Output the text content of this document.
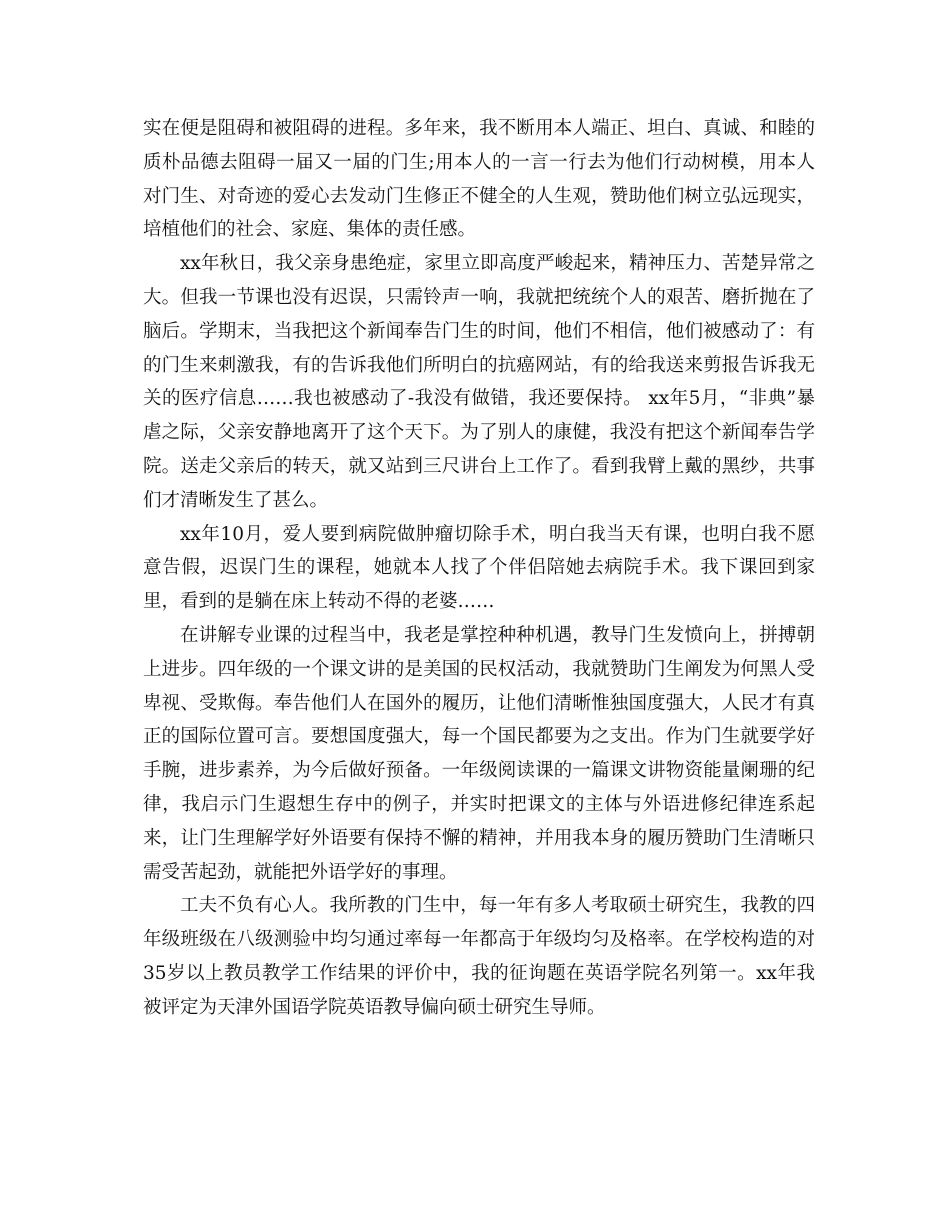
实在便是阻碍和被阻碍的进程。多年来，我不断用本人端正、坦白、真诚、和睦的质朴品德去阻碍一届又一届的门生;用本人的一言一行去为他们行动树模，用本人对门生、对奇迹的爱心去发动门生修正不健全的人生观，赞助他们树立弘远现实，培植他们的社会、家庭、集体的责任感。

xx年秋日，我父亲身患绝症，家里立即高度严峻起来，精神压力、苦楚异常之大。但我一节课也没有迟误，只需铃声一响，我就把统统个人的艰苦、磨折抛在了脑后。学期末，当我把这个新闻奉告门生的时间，他们不相信，他们被感动了：有的门生来刺激我，有的告诉我他们所明白的抗癌网站，有的给我送来剪报告诉我无关的医疗信息……我也被感动了-我没有做错，我还要保持。 xx年5月，“非典”暴虐之际，父亲安静地离开了这个天下。为了别人的康健，我没有把这个新闻奉告学院。送走父亲后的转天，就又站到三尺讲台上工作了。看到我臂上戴的黑纱，共事们才清晰发生了甚么。

xx年10月，爱人要到病院做肿瘤切除手术，明白我当天有课，也明白我不愿意告假，迟误门生的课程，她就本人找了个伴侣陪她去病院手术。我下课回到家里，看到的是躺在床上转动不得的老婆……

在讲解专业课的过程当中，我老是掌控种种机遇，教导门生发愤向上，拼搏朝上进步。四年级的一个课文讲的是美国的民权活动，我就赞助门生阐发为何黑人受卑视、受欺侮。奉告他们人在国外的履历，让他们清晰惟独国度强大，人民才有真正的国际位置可言。要想国度强大，每一个国民都要为之支出。作为门生就要学好手腕，进步素养，为今后做好预备。一年级阅读课的一篇课文讲物资能量阑珊的纪律，我启示门生遐想生存中的例子，并实时把课文的主体与外语进修纪律连系起来，让门生理解学好外语要有保持不懈的精神，并用我本身的履历赞助门生清晰只需受苦起劲，就能把外语学好的事理。

工夫不负有心人。我所教的门生中，每一年有多人考取硕士研究生，我教的四年级班级在八级测验中均匀通过率每一年都高于年级均匀及格率。在学校构造的对35岁以上教员教学工作结果的评价中，我的征询题在英语学院名列第一。xx年我被评定为天津外国语学院英语教导偏向硕士研究生导师。
